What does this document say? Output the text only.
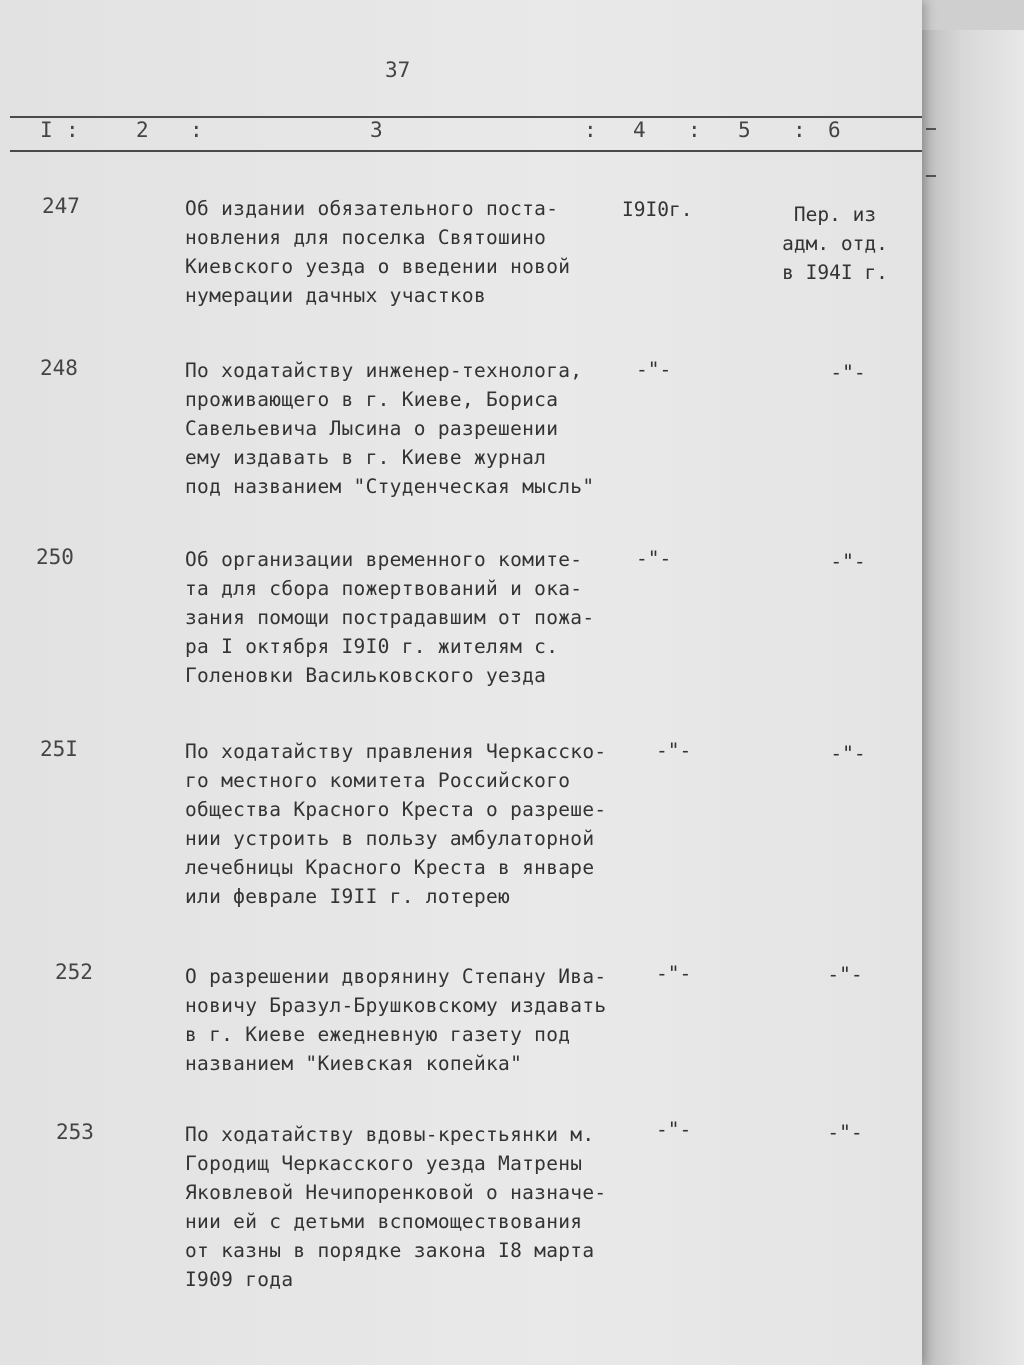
37
I :	2 :	3	: 4 : 5 : 6
247	Об издании обязательного поста-
новления для поселка Святошино
Киевского уезда о введении новой
нумерации дачных участков
I9I0г.	Пер. из
адм. отд.
в I94I г.
248	По ходатайству инженер-технолога,
проживающего в г. Киеве, Бориса
Савельевича Лысина о разрешении
ему издавать в г. Киеве журнал
под названием "Студенческая мысль"
-"-	-"-
250	Об организации временного комите-
та для сбора пожертвований и ока-
зания помощи пострадавшим от пожа-
ра I октября I9I0 г. жителям с.
Голеновки Васильковского уезда
-"-	-"-
25I	По ходатайству правления Черкасско-
го местного комитета Российского
общества Красного Креста о разреше-
нии устроить в пользу амбулаторной
лечебницы Красного Креста в январе
или феврале I9II г. лотерею
-"-	-"-
252	О разрешении дворянину Степану Ива-
новичу Бразул-Брушковскому издавать
в г. Киеве ежедневную газету под
названием "Киевская копейка"
-"-	-"-
253	По ходатайству вдовы-крестьянки м.
Городищ Черкасского уезда Матрены
Яковлевой Нечипоренковой о назначе-
нии ей с детьми вспомоществования
от казны в порядке закона I8 марта
I909 года
-"-	-"-
